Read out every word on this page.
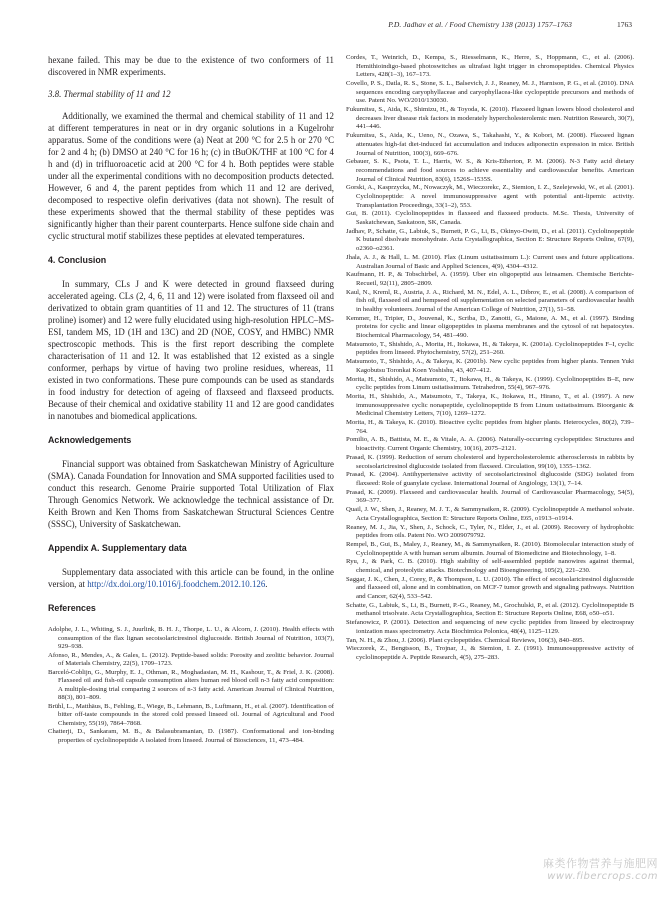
P.D. Jadhav et al. / Food Chemistry 138 (2013) 1757–1763	1763

hexane failed. This may be due to the existence of two conformers of 11 discovered in NMR experiments.

3.8. Thermal stability of 11 and 12

Additionally, we examined the thermal and chemical stability of 11 and 12 at different temperatures in neat or in dry organic solutions in a Kugelrohr apparatus. Some of the conditions were (a) Neat at 200 °C for 2.5 h or 270 °C for 2 and 4 h; (b) DMSO at 240 °C for 16 h; (c) in tBuOK/THF at 100 °C for 4 h and (d) in trifluoroacetic acid at 200 °C for 4 h. Both peptides were stable under all the experimental conditions with no decomposition products detected. However, 6 and 4, the parent peptides from which 11 and 12 are derived, decomposed to respective olefin derivatives (data not shown). The result of these experiments showed that the thermal stability of these peptides was significantly higher than their parent counterparts. Hence sulfone side chain and cyclic structural motif stabilizes these peptides at elevated temperatures.

4. Conclusion

In summary, CLs J and K were detected in ground flaxseed during accelerated ageing. CLs (2, 4, 6, 11 and 12) were isolated from flaxseed oil and derivatized to obtain gram quantities of 11 and 12. The structures of 11 (trans proline) isomer) and 12 were fully elucidated using high-resolution HPLC–MS-ESI, tandem MS, 1D (1H and 13C) and 2D (NOE, COSY, and HMBC) NMR spectroscopic methods. This is the first report describing the complete characterisation of 11 and 12. It was established that 12 existed as a single conformer, perhaps by virtue of having two proline residues, whereas, 11 existed in two conformations. These pure compounds can be used as standards in food industry for detection of ageing of flaxseed and flaxseed products. Because of their chemical and oxidative stability 11 and 12 are good candidates in nanotubes and biomedical applications.

Acknowledgements

Financial support was obtained from Saskatchewan Ministry of Agriculture (SMA). Canada Foundation for Innovation and SMA supported facilities used to conduct this research. Genome Prairie supported Total Utilization of Flax Through Genomics Network. We acknowledge the technical assistance of Dr. Keith Brown and Ken Thoms from Saskatchewan Structural Sciences Centre (SSSC), University of Saskatchewan.

Appendix A. Supplementary data

Supplementary data associated with this article can be found, in the online version, at http://dx.doi.org/10.1016/j.foodchem.2012.10.126.

References

Adolphe, J. L., Whiting, S. J., Juurlink, B. H. J., Thorpe, L. U., & Alcorn, J. (2010). Health effects with consumption of the flax lignan secoisolariciresinol diglucoside. British Journal of Nutrition, 103(7), 929–938.

Afonso, R., Mendes, A., & Gales, L. (2012). Peptide-based solids: Porosity and zeolitic behavior. Journal of Materials Chemistry, 22(5), 1709–1723.

Barceló-Coblijn, G., Murphy, E. J., Othman, R., Moghadasian, M. H., Kashour, T., & Friel, J. K. (2008). Flaxseed oil and fish-oil capsule consumption alters human red blood cell n-3 fatty acid composition: A multiple-dosing trial comparing 2 sources of n-3 fatty acid. American Journal of Clinical Nutrition, 88(3), 801–809.

Brühl, L., Matthäus, B., Fehling, E., Wiege, B., Lehmann, B., Luftmann, H., et al. (2007). Identification of bitter off-taste compounds in the stored cold pressed linseed oil. Journal of Agricultural and Food Chemistry, 55(19), 7864–7868.

Chatterji, D., Sankaram, M. B., & Balasubramanian, D. (1987). Conformational and ion-binding properties of cyclolinopeptide A isolated from linseed. Journal of Biosciences, 11, 473–484.

Cordes, T., Weinrich, D., Kempa, S., Riesselmann, K., Herre, S., Hoppmann, C., et al. (2006). Hemithioindigo-based photoswitches as ultrafast light trigger in chromopeptides. Chemical Physics Letters, 428(1–3), 167–173.

Covello, P. S., Datla, R. S., Stone, S. L., Balsevich, J. J., Reaney, M. J., Harnison, P. G., et al. (2010). DNA sequences encoding caryophyllaceae and caryophyllacea-like cyclopeptide precursors and methods of use. Patent No. WO/2010/130030.

Fukumitsu, S., Aida, K., Shimizu, H., & Toyoda, K. (2010). Flaxseed lignan lowers blood cholesterol and decreases liver disease risk factors in moderately hypercholesterolemic men. Nutrition Research, 30(7), 441–446.

Fukumitsu, S., Aida, K., Ueno, N., Ozawa, S., Takahashi, Y., & Kobori, M. (2008). Flaxseed lignan attenuates high-fat diet-induced fat accumulation and induces adiponectin expression in mice. British Journal of Nutrition, 100(3), 669–676.

Gebauer, S. K., Psota, T. L., Harris, W. S., & Kris-Etherton, P. M. (2006). N-3 Fatty acid dietary recommendations and food sources to achieve essentiality and cardiovascular benefits. American Journal of Clinical Nutrition, 83(6), 1526S–1535S.

Gorski, A., Kasprzycka, M., Nowaczyk, M., Wieczorekc, Z., Siemion, I. Z., Szelejewski, W., et al. (2001). Cyclolinopeptide: A novel immunosuppressive agent with potential anti-lipemic activity. Transplantation Proceedings, 33(1–2), 553.

Gui, B. (2011). Cyclolinopeptides in flaxseed and flaxseed products. M.Sc. Thesis, University of Saskatchewan, Saskatoon, SK, Canada.

Jadhav, P., Schatte, G., Labiuk, S., Burnett, P. G., Li, B., Okinyo-Owiti, D., et al. (2011). Cyclolinopeptide K butanol disolvate monohydrate. Acta Crystallographica, Section E: Structure Reports Online, 67(9), o2360–o2361.

Jhala, A. J., & Hall, L. M. (2010). Flax (Linum usitatissimum L.): Current uses and future applications. Australian Journal of Basic and Applied Sciences, 4(9), 4304–4312.

Kaufmann, H. P., & Tobschirbel, A. (1959). Uber ein oligopeptid aus leinsamen. Chemische Berichte-Recueil, 92(11), 2805–2809.

Kaul, N., Kreml, R., Austria, J. A., Richard, M. N., Edel, A. L., Dibrov, E., et al. (2008). A comparison of fish oil, flaxseed oil and hempseed oil supplementation on selected parameters of cardiovascular health in healthy volunteers. Journal of the American College of Nutrition, 27(1), 51–58.

Kemmer, H., Tripier, D., Jouvenal, K., Scriba, D., Zanotti, G., Maione, A. M., et al. (1997). Binding proteins for cyclic and linear oligopeptides in plasma membranes and the cytosol of rat hepatocytes. Biochemical Pharmacology, 54, 481–490.

Matsumoto, T., Shishido, A., Morita, H., Itokawa, H., & Takeya, K. (2001a). Cyclolinopeptides F–I, cyclic peptides from linseed. Phytochemistry, 57(2), 251–260.

Matsumoto, T., Shishido, A., & Takeya, K. (2001b). New cyclic peptides from higher plants. Tennen Yuki Kagobutsu Toronkai Koen Yoshishu, 43, 407–412.

Morita, H., Shishido, A., Matsumoto, T., Itokawa, H., & Takeya, K. (1999). Cyclolinopeptides B–E, new cyclic peptides from Linum usitatissimum. Tetrahedron, 55(4), 967–976.

Morita, H., Shishido, A., Matsumoto, T., Takeya, K., Itokawa, H., Hirano, T., et al. (1997). A new immunosuppressive cyclic nonapeptide, cyclolinopeptide B from Linum usitatissimum. Bioorganic & Medicinal Chemistry Letters, 7(10), 1269–1272.

Morita, H., & Takeya, K. (2010). Bioactive cyclic peptides from higher plants. Heterocycles, 80(2), 739–764.

Pomilio, A. B., Battista, M. E., & Vitale, A. A. (2006). Naturally-occurring cyclopeptides: Structures and bioactivity. Current Organic Chemistry, 10(16), 2075–2121.

Prasad, K. (1999). Reduction of serum cholesterol and hypercholesterolemic atherosclerosis in rabbits by secoisolariciresinol diglucoside isolated from flaxseed. Circulation, 99(10), 1355–1362.

Prasad, K. (2004). Antihypertensive activity of secoisolariciresinol diglucoside (SDG) isolated from flaxseed: Role of guanylate cyclase. International Journal of Angiology, 13(1), 7–14.

Prasad, K. (2009). Flaxseed and cardiovascular health. Journal of Cardiovascular Pharmacology, 54(5), 369–377.

Quail, J. W., Shen, J., Reaney, M. J. T., & Sammynaiken, R. (2009). Cyclolinopeptide A methanol solvate. Acta Crystallographica, Section E: Structure Reports Online, E65, o1913–o1914.

Reaney, M. J., Jia, Y., Shen, J., Schock, C., Tyler, N., Elder, J., et al. (2009). Recovery of hydrophobic peptides from oils. Patent No. WO 2009079792.

Rempel, B., Gui, B., Maley, J., Reaney, M., & Sammynaiken, R. (2010). Biomolecular interaction study of Cyclolinopeptide A with human serum albumin. Journal of Biomedicine and Biotechnology, 1–8.

Ryu, J., & Park, C. B. (2010). High stability of self-assembled peptide nanowires against thermal, chemical, and proteolytic attacks. Biotechnology and Bioengineering, 105(2), 221–230.

Saggar, J. K., Chen, J., Corey, P., & Thompson, L. U. (2010). The effect of secoisolariciresinol diglucoside and flaxseed oil, alone and in combination, on MCF-7 tumor growth and signaling pathways. Nutrition and Cancer, 62(4), 533–542.

Schatte, G., Labiuk, S., Li, B., Burnett, P.-G., Reaney, M., Grochulski, P., et al. (2012). Cyclolinopeptide B methanol trisolvate. Acta Crystallographica, Section E: Structure Reports Online, E68, o50–o51.

Stefanowicz, P. (2001). Detection and sequencing of new cyclic peptides from linseed by electrospray ionization mass spectrometry. Acta Biochimica Polonica, 48(4), 1125–1129.

Tan, N. H., & Zhou, J. (2006). Plant cyclopeptides. Chemical Reviews, 106(3), 840–895.

Wieczorek, Z., Bengtsson, B., Trojnar, J., & Siemion, I. Z. (1991). Immunosuppressive activity of cyclolinopeptide A. Peptide Research, 4(5), 275–283.

麻类作物营养与施肥网
www.fibercrops.com
